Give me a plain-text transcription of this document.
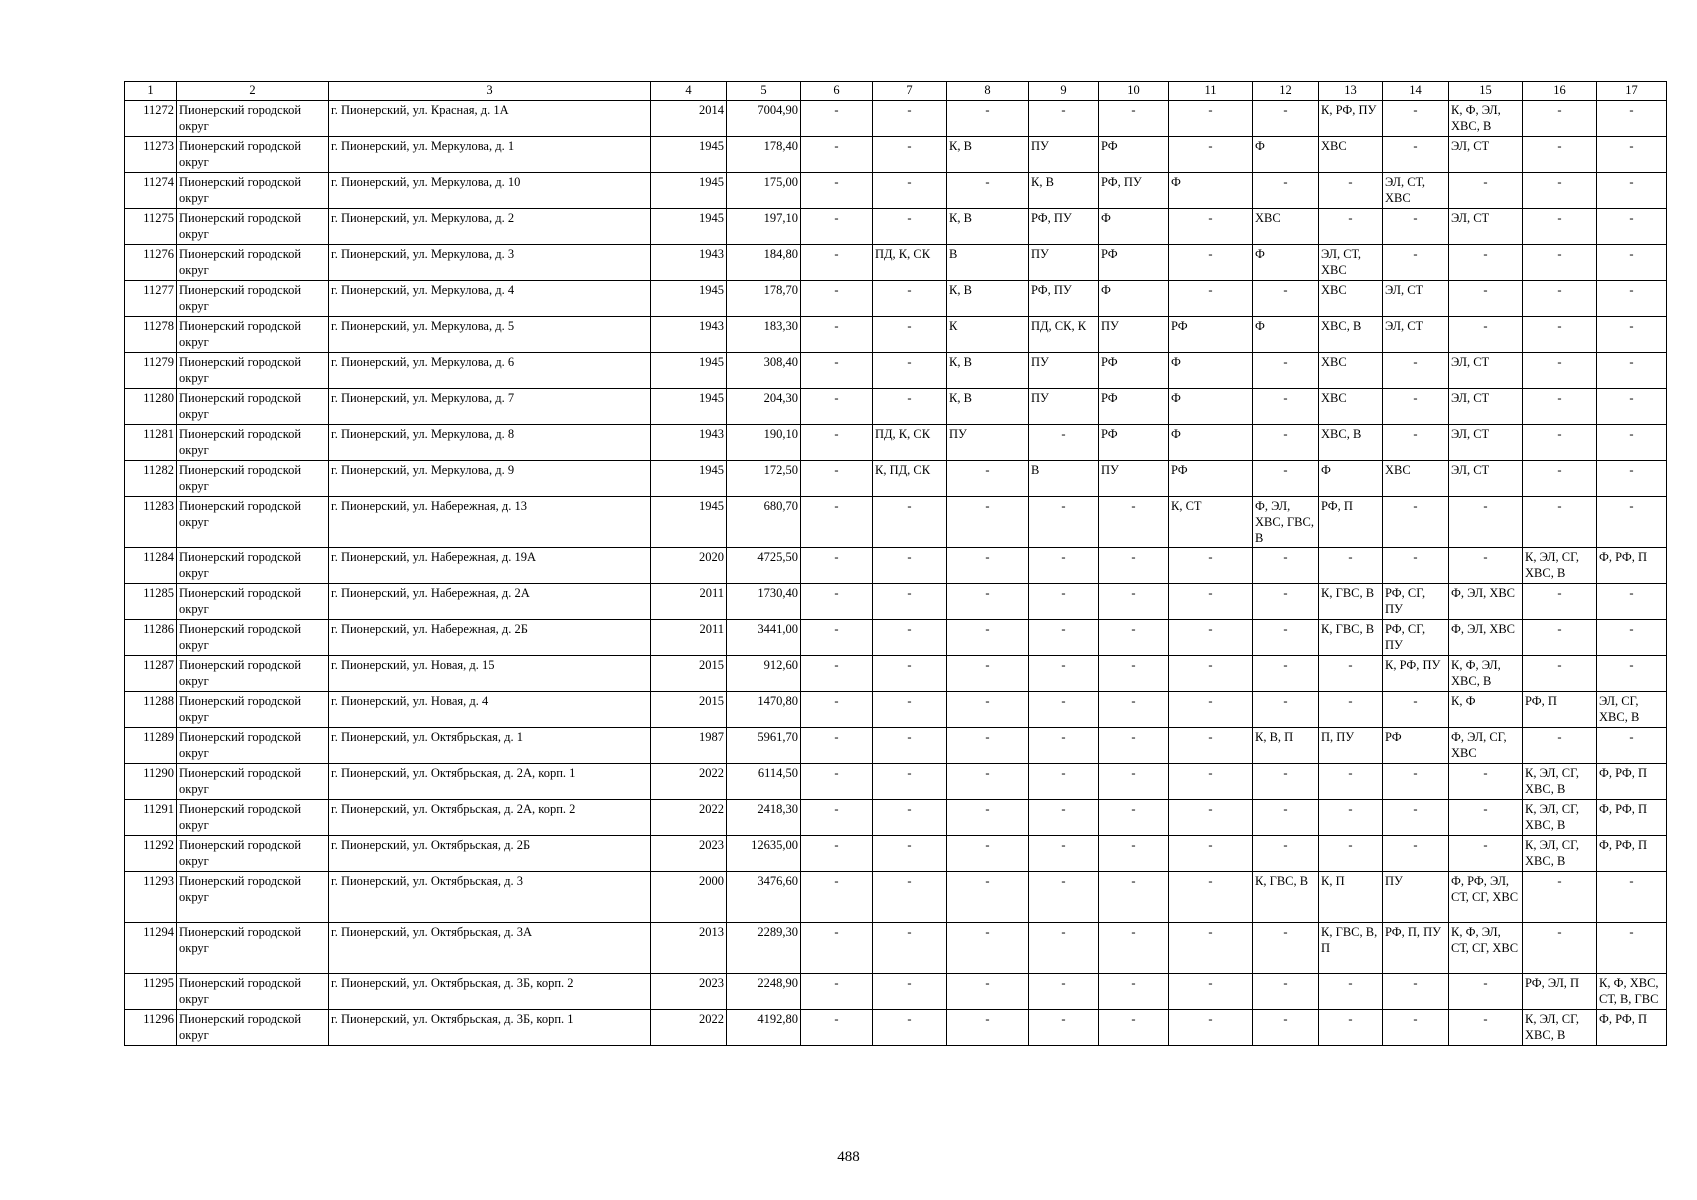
1	2	3	4	5	6	7	8	9	10	11	12	13	14	15	16	17
11272	Пионерский городской округ	г. Пионерский, ул. Красная, д. 1А	2014	7004,90	-	-	-	-	-	-	-	К, РФ, ПУ	-	К, Ф, ЭЛ, ХВС, В	-	-
11273	Пионерский городской округ	г. Пионерский, ул. Меркулова, д. 1	1945	178,40	-	-	К, В	ПУ	РФ	-	Ф	ХВС	-	ЭЛ, СТ	-	-
11274	Пионерский городской округ	г. Пионерский, ул. Меркулова, д. 10	1945	175,00	-	-	-	К, В	РФ, ПУ	Ф	-	-	ЭЛ, СТ, ХВС	-	-	-
11275	Пионерский городской округ	г. Пионерский, ул. Меркулова, д. 2	1945	197,10	-	-	К, В	РФ, ПУ	Ф	-	ХВС	-	-	ЭЛ, СТ	-	-
11276	Пионерский городской округ	г. Пионерский, ул. Меркулова, д. 3	1943	184,80	-	ПД, К, СК	В	ПУ	РФ	-	Ф	ЭЛ, СТ, ХВС	-	-	-	-
11277	Пионерский городской округ	г. Пионерский, ул. Меркулова, д. 4	1945	178,70	-	-	К, В	РФ, ПУ	Ф	-	-	ХВС	ЭЛ, СТ	-	-	-
11278	Пионерский городской округ	г. Пионерский, ул. Меркулова, д. 5	1943	183,30	-	-	К	ПД, СК, К	ПУ	РФ	Ф	ХВС, В	ЭЛ, СТ	-	-	-
11279	Пионерский городской округ	г. Пионерский, ул. Меркулова, д. 6	1945	308,40	-	-	К, В	ПУ	РФ	Ф	-	ХВС	-	ЭЛ, СТ	-	-
11280	Пионерский городской округ	г. Пионерский, ул. Меркулова, д. 7	1945	204,30	-	-	К, В	ПУ	РФ	Ф	-	ХВС	-	ЭЛ, СТ	-	-
11281	Пионерский городской округ	г. Пионерский, ул. Меркулова, д. 8	1943	190,10	-	ПД, К, СК	ПУ	-	РФ	Ф	-	ХВС, В	-	ЭЛ, СТ	-	-
11282	Пионерский городской округ	г. Пионерский, ул. Меркулова, д. 9	1945	172,50	-	К, ПД, СК	-	В	ПУ	РФ	-	Ф	ХВС	ЭЛ, СТ	-	-
11283	Пионерский городской округ	г. Пионерский, ул. Набережная, д. 13	1945	680,70	-	-	-	-	-	К, СТ	Ф, ЭЛ, ХВС, ГВС, В	РФ, П	-	-	-	-
11284	Пионерский городской округ	г. Пионерский, ул. Набережная, д. 19А	2020	4725,50	-	-	-	-	-	-	-	-	-	-	К, ЭЛ, СГ, ХВС, В	Ф, РФ, П
11285	Пионерский городской округ	г. Пионерский, ул. Набережная, д. 2А	2011	1730,40	-	-	-	-	-	-	-	К, ГВС, В	РФ, СГ, ПУ	Ф, ЭЛ, ХВС	-	-
11286	Пионерский городской округ	г. Пионерский, ул. Набережная, д. 2Б	2011	3441,00	-	-	-	-	-	-	-	К, ГВС, В	РФ, СГ, ПУ	Ф, ЭЛ, ХВС	-	-
11287	Пионерский городской округ	г. Пионерский, ул. Новая, д. 15	2015	912,60	-	-	-	-	-	-	-	-	К, РФ, ПУ	К, Ф, ЭЛ, ХВС, В	-	-
11288	Пионерский городской округ	г. Пионерский, ул. Новая, д. 4	2015	1470,80	-	-	-	-	-	-	-	-	-	К, Ф	РФ, П	ЭЛ, СГ, ХВС, В
11289	Пионерский городской округ	г. Пионерский, ул. Октябрьская, д. 1	1987	5961,70	-	-	-	-	-	-	К, В, П	П, ПУ	РФ	Ф, ЭЛ, СГ, ХВС	-	-
11290	Пионерский городской округ	г. Пионерский, ул. Октябрьская, д. 2А, корп. 1	2022	6114,50	-	-	-	-	-	-	-	-	-	-	К, ЭЛ, СГ, ХВС, В	Ф, РФ, П
11291	Пионерский городской округ	г. Пионерский, ул. Октябрьская, д. 2А, корп. 2	2022	2418,30	-	-	-	-	-	-	-	-	-	-	К, ЭЛ, СГ, ХВС, В	Ф, РФ, П
11292	Пионерский городской округ	г. Пионерский, ул. Октябрьская, д. 2Б	2023	12635,00	-	-	-	-	-	-	-	-	-	-	К, ЭЛ, СГ, ХВС, В	Ф, РФ, П
11293	Пионерский городской округ	г. Пионерский, ул. Октябрьская, д. 3	2000	3476,60	-	-	-	-	-	-	К, ГВС, В	К, П	ПУ	Ф, РФ, ЭЛ, СТ, СГ, ХВС	-	-
11294	Пионерский городской округ	г. Пионерский, ул. Октябрьская, д. 3А	2013	2289,30	-	-	-	-	-	-	-	К, ГВС, В, П	РФ, П, ПУ	К, Ф, ЭЛ, СТ, СГ, ХВС	-	-
11295	Пионерский городской округ	г. Пионерский, ул. Октябрьская, д. 3Б, корп. 2	2023	2248,90	-	-	-	-	-	-	-	-	-	-	РФ, ЭЛ, П	К, Ф, ХВС, СТ, В, ГВС
11296	Пионерский городской округ	г. Пионерский, ул. Октябрьская, д. 3Б, корп. 1	2022	4192,80	-	-	-	-	-	-	-	-	-	-	К, ЭЛ, СГ, ХВС, В	Ф, РФ, П
488
